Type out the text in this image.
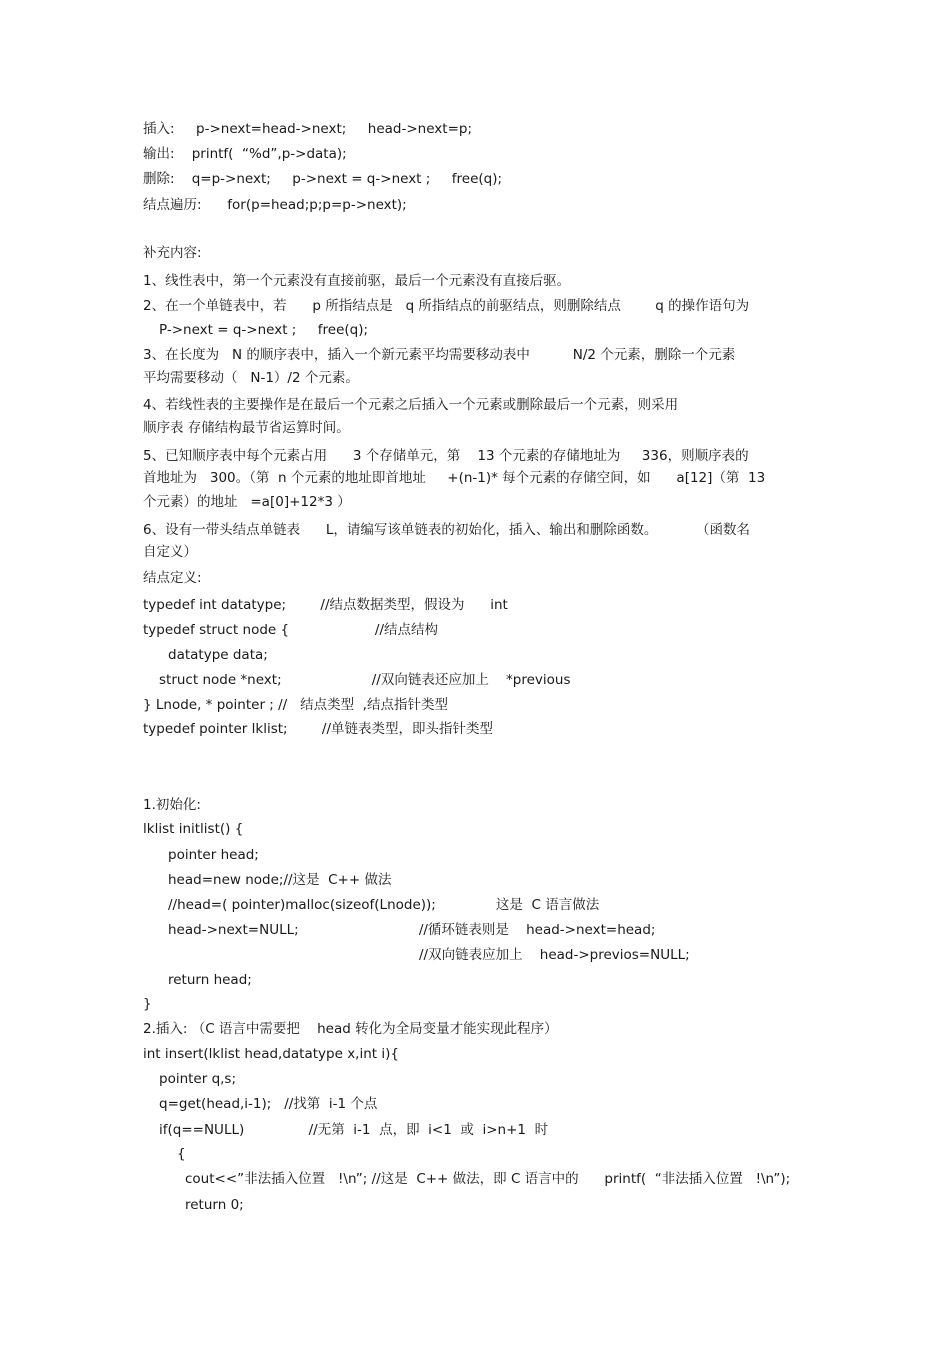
插入:     p->next=head->next;     head->next=p;
输出:    printf(  “%d”,p->data);
删除:    q=p->next;     p->next = q->next ;     free(q);
结点遍历:      for(p=head;p;p=p->next);
补充内容:
1、线性表中，第一个元素没有直接前驱，最后一个元素没有直接后驱。
2、在一个单链表中，若      p 所指结点是   q 所指结点的前驱结点，则删除结点        q 的操作语句为
P->next = q->next ;     free(q);
3、在长度为   N 的顺序表中，插入一个新元素平均需要移动表中          N/2 个元素，删除一个元素
平均需要移动（   N-1）/2 个元素。
4、若线性表的主要操作是在最后一个元素之后插入一个元素或删除最后一个元素，则采用
顺序表 存储结构最节省运算时间。
5、已知顺序表中每个元素占用      3 个存储单元，第    13 个元素的存储地址为     336，则顺序表的
首地址为   300。（第  n 个元素的地址即首地址     +(n-1)* 每个元素的存储空间，如      a[12]（第  13
个元素）的地址   =a[0]+12*3 ）
6、设有一带头结点单链表      L，请编写该单链表的初始化，插入、输出和删除函数。         （函数名
自定义）
结点定义:
typedef int datatype;        //结点数据类型，假设为      int
typedef struct node {                    //结点结构
datatype data;
struct node *next;                     //双向链表还应加上    *previous
} Lnode, * pointer ; //   结点类型  ,结点指针类型
typedef pointer lklist;        //单链表类型，即头指针类型
1.初始化:
lklist initlist() {
pointer head;
head=new node;//这是  C++ 做法
//head=( pointer)malloc(sizeof(Lnode));              这是  C 语言做法
head->next=NULL;                            //循环链表则是    head->next=head;
//双向链表应加上    head->previos=NULL;
return head;
}
2.插入: （C 语言中需要把    head 转化为全局变量才能实现此程序）
int insert(lklist head,datatype x,int i){
pointer q,s;
q=get(head,i-1);   //找第  i-1 个点
if(q==NULL)               //无第  i-1  点，即  i<1  或  i>n+1  时
{
cout<<”非法插入位置   !\n”; //这是  C++ 做法，即 C 语言中的      printf(  “非法插入位置   !\n”);
return 0;
